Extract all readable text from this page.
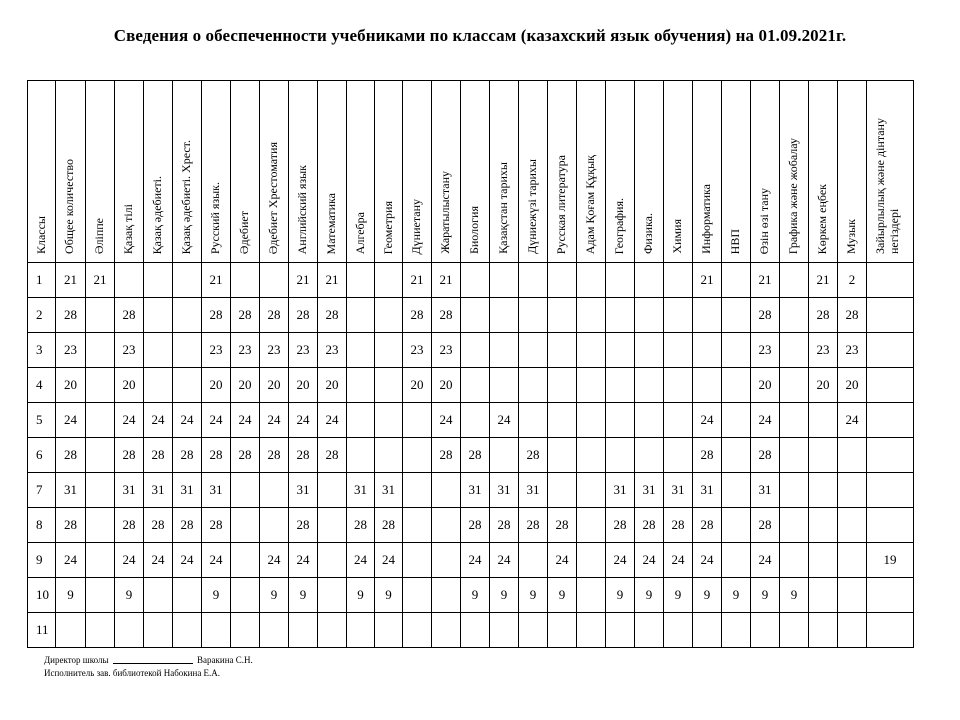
Сведения о обеспеченности учебниками по классам (казахский язык обучения) на 01.09.2021г.
Классы	Общее количество	Әліппе	Қазақ тілі	Қазақ әдебиеті.	Қазақ әдебиеті. Хрест.	Русский язык.	Әдебиет	Әдебиет Хрестоматия	Английский язык	Математика	Алгебра	Геометрия	Дүниетану	Жаратылыстану	Биология	Қазақстан тарихы	Дүниежүзі тарихы	Русская литература	Адам Қоғам Құқық	География.	Физика.	Химия	Информатика	НВП	Өзін өзі тану	Графика және жобалау	Көркем еңбек	Музык	Зайырлылық және дінтану негіздері
1	21	21				21			21	21			21	21									21		21		21	2	
2	28		28			28	28	28	28	28			28	28											28		28	28	
3	23		23			23	23	23	23	23			23	23											23		23	23	
4	20		20			20	20	20	20	20			20	20											20		20	20	
5	24		24	24	24	24	24	24	24	24				24		24							24		24			24	
6	28		28	28	28	28	28	28	28	28				28	28		28						28		28				
7	31		31	31	31	31			31		31	31			31	31	31			31	31	31	31		31				
8	28		28	28	28	28			28		28	28			28	28	28	28		28	28	28	28		28				
9	24		24	24	24	24		24	24		24	24			24	24		24		24	24	24	24		24				19
10	9		9			9		9	9		9	9			9	9	9	9		9	9	9	9	9	9	9			
11																													
Директор школы	Варакина С.Н.
Исполнитель зав. библиотекой Набокина Е.А.
